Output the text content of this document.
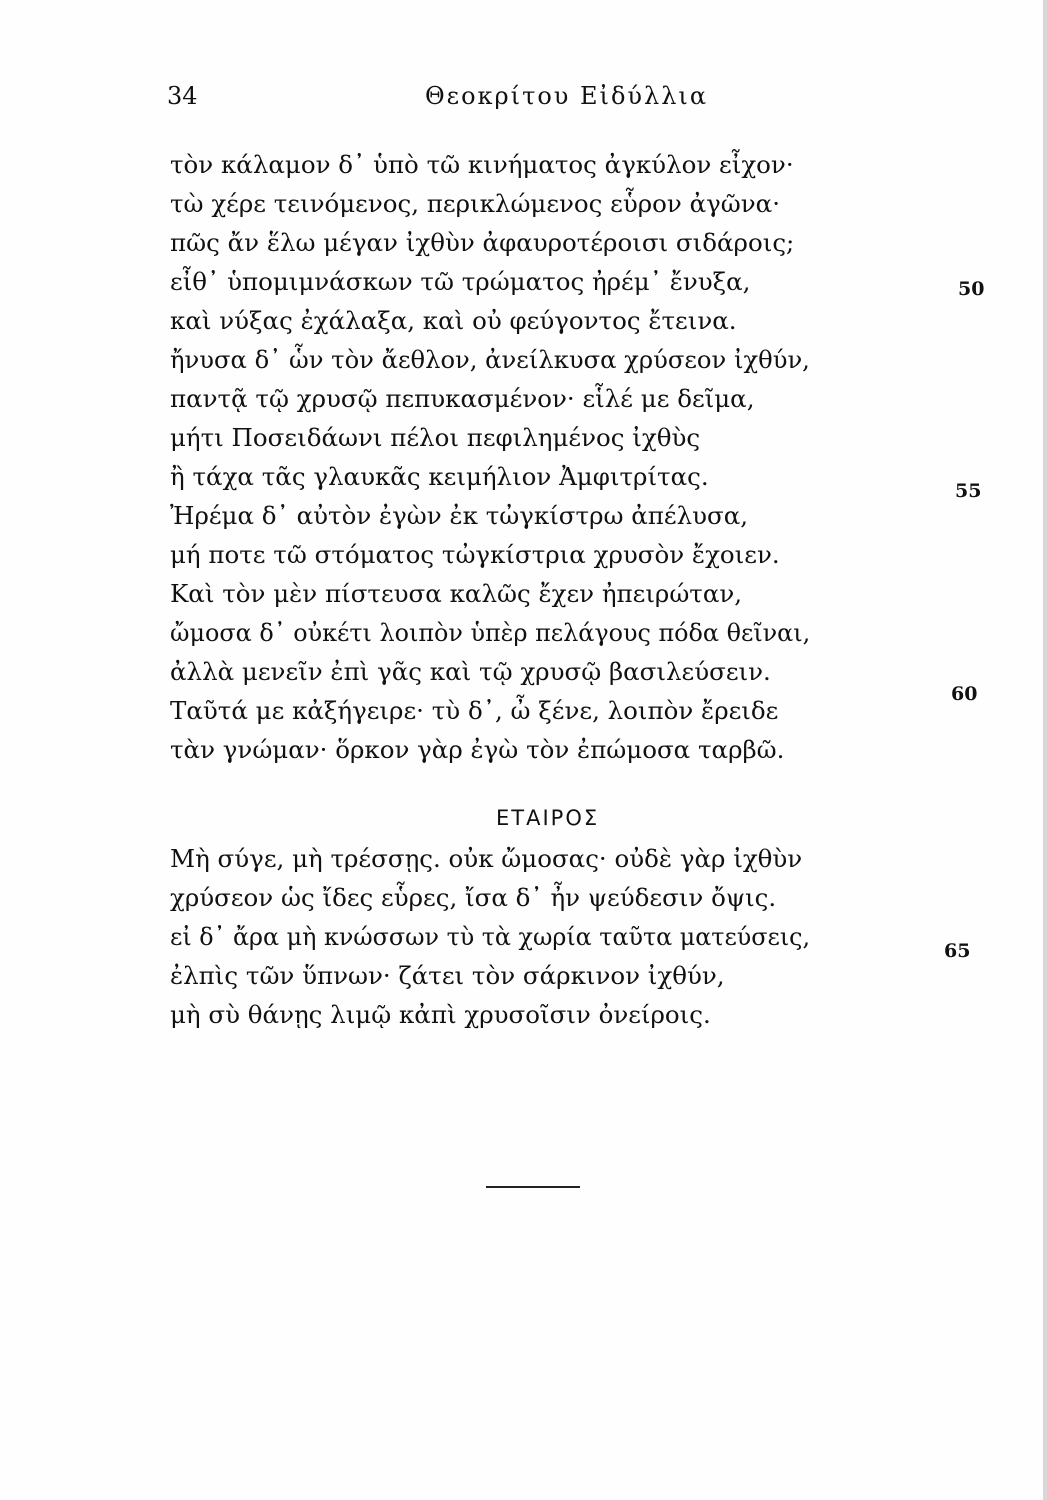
34	Θεοκρίτου Εἰδύλλια
τὸν κάλαμον δ᾽ ὑπὸ τῶ κινήματος ἀγκύλον εἶχον·
τὼ χέρε τεινόμενος, περικλώμενος εὗρον ἀγῶνα·
πῶς ἄν ἕλω μέγαν ἰχθὺν ἀφαυροτέροισι σιδάροις;
εἶθ᾽ ὑπομιμνάσκων τῶ τρώματος ἠρέμ᾽ ἔνυξα,
καὶ νύξας ἐχάλαξα, καὶ οὐ φεύγοντος ἔτεινα.
ἤνυσα δ᾽ ὧν τὸν ἄεθλον, ἀνείλκυσα χρύσεον ἰχθύν,
παντᾷ τῷ χρυσῷ πεπυκασμένον· εἷλέ με δεῖμα,
μήτι Ποσειδάωνι πέλοι πεφιλημένος ἰχθὺς
ἢ τάχα τᾶς γλαυκᾶς κειμήλιον Ἀμφιτρίτας.
Ἠρέμα δ᾽ αὐτὸν ἐγὼν ἐκ τὠγκίστρω ἀπέλυσα,
μή ποτε τῶ στόματος τὠγκίστρια χρυσὸν ἔχοιεν.
Καὶ τὸν μὲν πίστευσα καλῶς ἔχεν ἠπειρώταν,
ὤμοσα δ᾽ οὐκέτι λοιπὸν ὑπὲρ πελάγους πόδα θεῖναι,
ἀλλὰ μενεῖν ἐπὶ γᾶς καὶ τῷ χρυσῷ βασιλεύσειν.
Ταῦτά με κἀξήγειρε· τὺ δ᾽, ὦ ξένε, λοιπὸν ἔρειδε
τὰν γνώμαν· ὅρκον γὰρ ἐγὼ τὸν ἐπώμοσα ταρβῶ.
ΕΤΑΙΡΟΣ
Μὴ σύγε, μὴ τρέσσῃς. οὐκ ὤμοσας· οὐδὲ γὰρ ἰχθὺν
χρύσεον ὡς ἴδες εὗρες, ἴσα δ᾽ ἦν ψεύδεσιν ὄψις.
εἰ δ᾽ ἄρα μὴ κνώσσων τὺ τὰ χωρία ταῦτα ματεύσεις,
ἐλπὶς τῶν ὕπνων· ζάτει τὸν σάρκινον ἰχθύν,
μὴ σὺ θάνῃς λιμῷ κἀπὶ χρυσοῖσιν ὀνείροις.
50
55
60
65
